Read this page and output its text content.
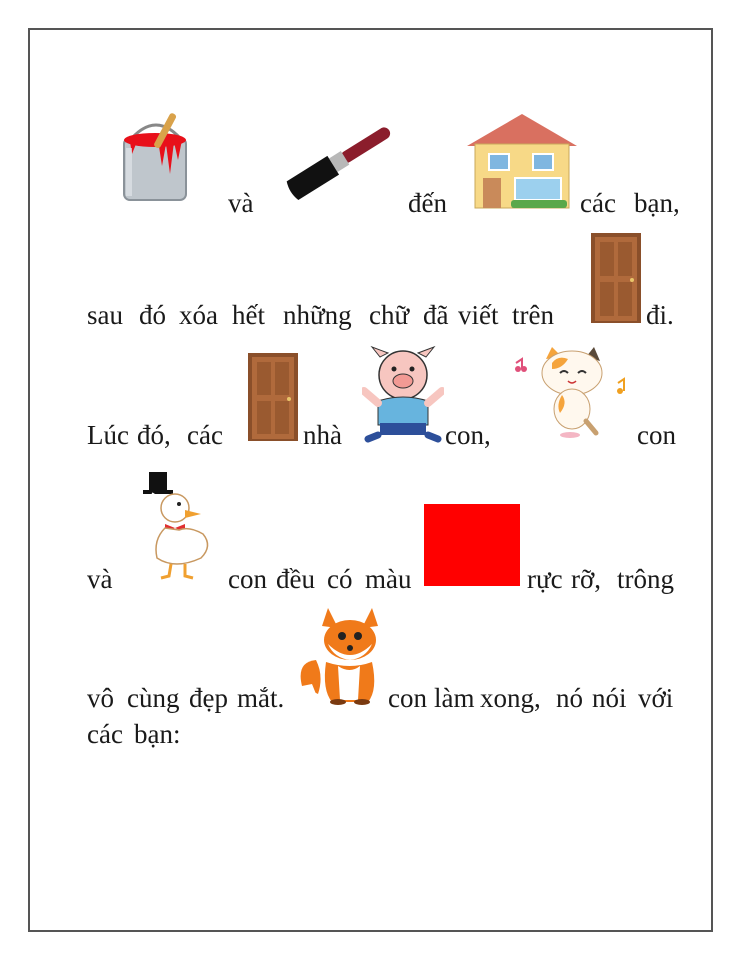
và	đến	các bạn,
sau đó xóa hết những chữ đã viết trên	đi.
Lúc đó, các	nhà	con,	con
và	con đều có màu	rực rỡ, trông
vô cùng đẹp mắt.	con làm xong, nó nói với
các bạn:
